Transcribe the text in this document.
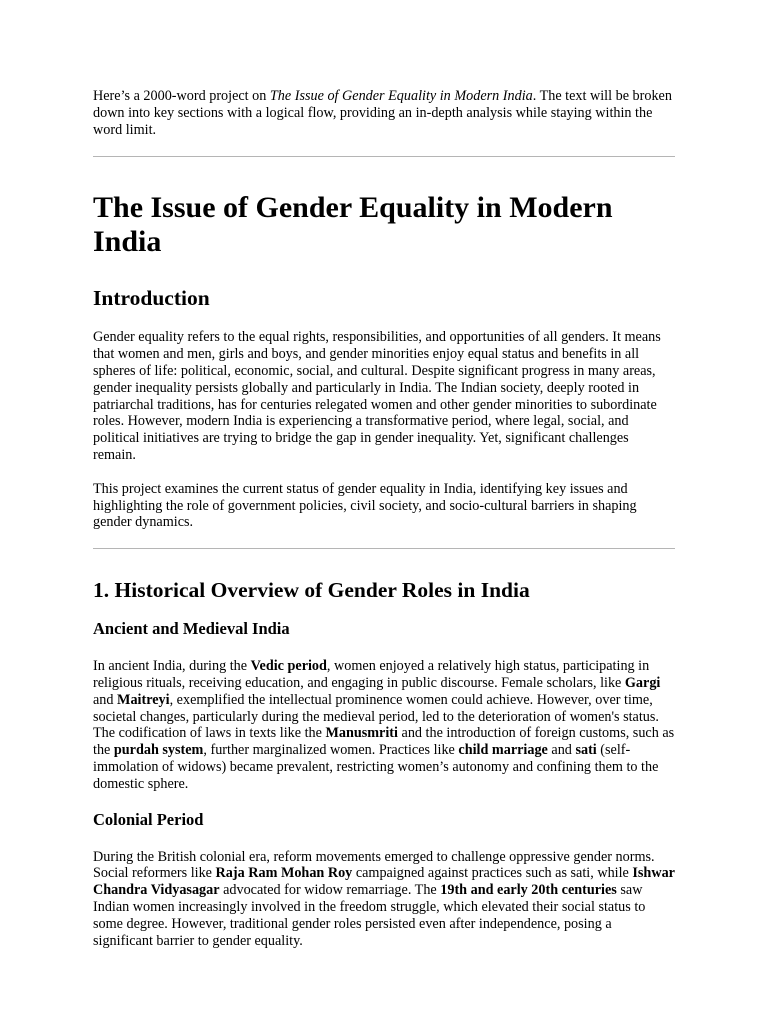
Here’s a 2000-word project on The Issue of Gender Equality in Modern India. The text will be broken down into key sections with a logical flow, providing an in-depth analysis while staying within the word limit.

The Issue of Gender Equality in Modern India
Introduction

Gender equality refers to the equal rights, responsibilities, and opportunities of all genders. It means that women and men, girls and boys, and gender minorities enjoy equal status and benefits in all spheres of life: political, economic, social, and cultural. Despite significant progress in many areas, gender inequality persists globally and particularly in India. The Indian society, deeply rooted in patriarchal traditions, has for centuries relegated women and other gender minorities to subordinate roles. However, modern India is experiencing a transformative period, where legal, social, and political initiatives are trying to bridge the gap in gender inequality. Yet, significant challenges remain.

This project examines the current status of gender equality in India, identifying key issues and highlighting the role of government policies, civil society, and socio-cultural barriers in shaping gender dynamics.

1. Historical Overview of Gender Roles in India
Ancient and Medieval India

In ancient India, during the Vedic period, women enjoyed a relatively high status, participating in religious rituals, receiving education, and engaging in public discourse. Female scholars, like Gargi and Maitreyi, exemplified the intellectual prominence women could achieve. However, over time, societal changes, particularly during the medieval period, led to the deterioration of women's status. The codification of laws in texts like the Manusmriti and the introduction of foreign customs, such as the purdah system, further marginalized women. Practices like child marriage and sati (self-immolation of widows) became prevalent, restricting women’s autonomy and confining them to the domestic sphere.

Colonial Period

During the British colonial era, reform movements emerged to challenge oppressive gender norms. Social reformers like Raja Ram Mohan Roy campaigned against practices such as sati, while Ishwar Chandra Vidyasagar advocated for widow remarriage. The 19th and early 20th centuries saw Indian women increasingly involved in the freedom struggle, which elevated their social status to some degree. However, traditional gender roles persisted even after independence, posing a significant barrier to gender equality.
